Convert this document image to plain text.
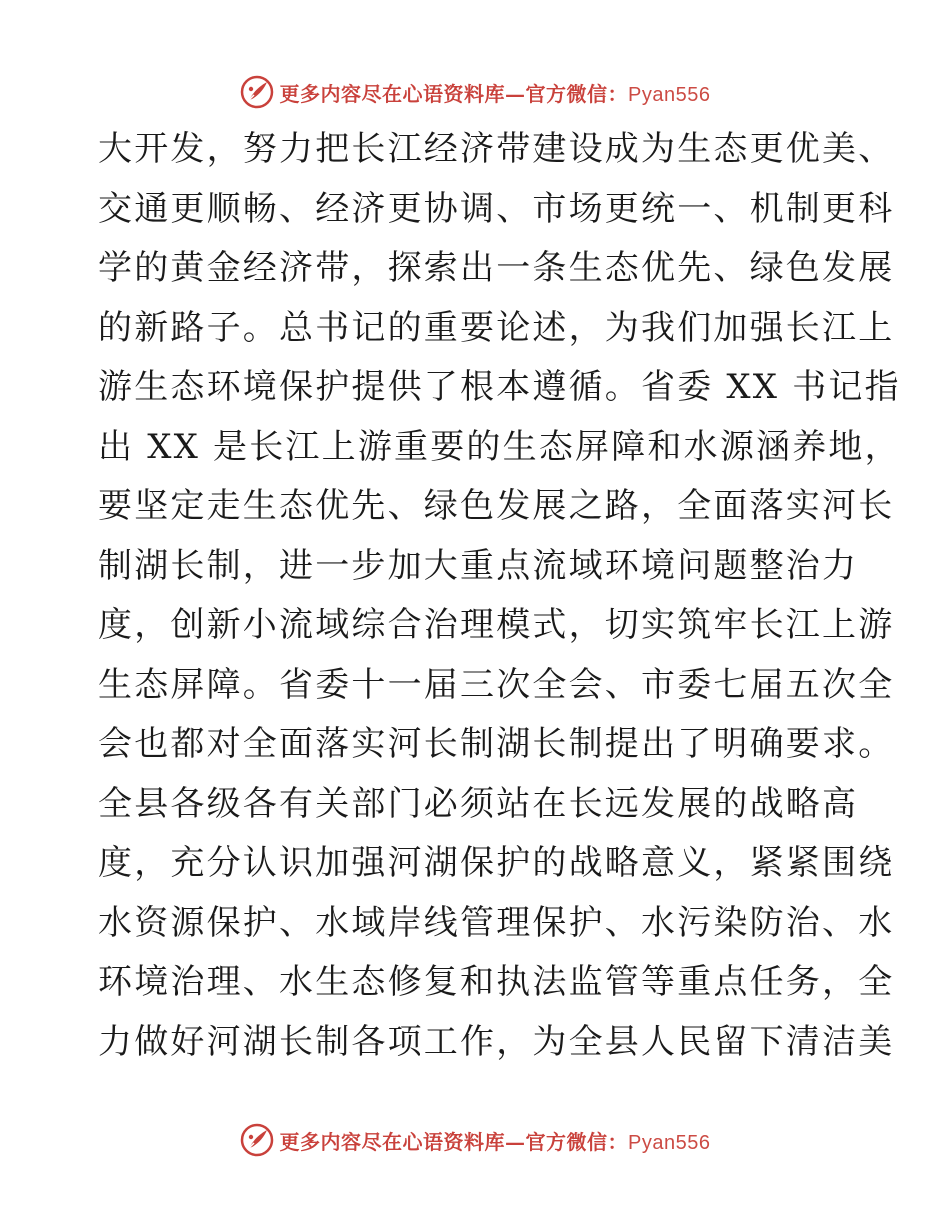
更多内容尽在心语资料库—官方微信：Pyan556
大开发，努力把长江经济带建设成为生态更优美、
交通更顺畅、经济更协调、市场更统一、机制更科
学的黄金经济带，探索出一条生态优先、绿色发展
的新路子。总书记的重要论述，为我们加强长江上
游生态环境保护提供了根本遵循。省委 XX 书记指
出 XX 是长江上游重要的生态屏障和水源涵养地，
要坚定走生态优先、绿色发展之路，全面落实河长
制湖长制，进一步加大重点流域环境问题整治力
度，创新小流域综合治理模式，切实筑牢长江上游
生态屏障。省委十一届三次全会、市委七届五次全
会也都对全面落实河长制湖长制提出了明确要求。
全县各级各有关部门必须站在长远发展的战略高
度，充分认识加强河湖保护的战略意义，紧紧围绕
水资源保护、水域岸线管理保护、水污染防治、水
环境治理、水生态修复和执法监管等重点任务，全
力做好河湖长制各项工作，为全县人民留下清洁美
更多内容尽在心语资料库—官方微信：Pyan556
